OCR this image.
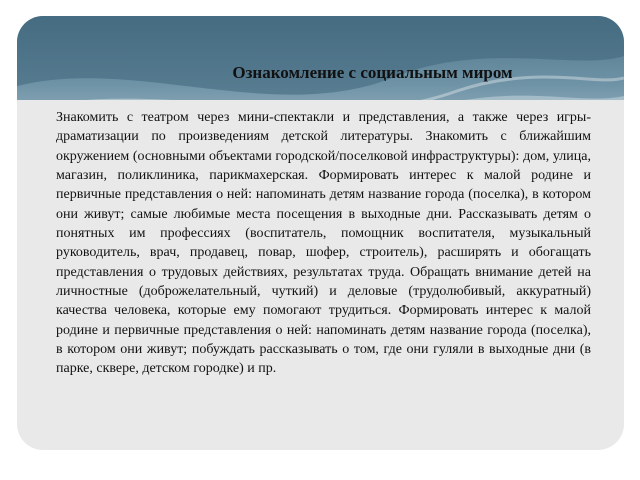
Ознакомление с социальным миром

Знакомить с театром через мини-спектакли и представления, а также через игры-драматизации по произведениям детской литературы. Знакомить с ближайшим окружением (основными объектами городской/поселковой инфраструктуры): дом, улица, магазин, поликлиника, парикмахерская. Формировать интерес к малой родине и первичные представления о ней: напоминать детям название города (поселка), в котором они живут; самые любимые места посещения в выходные дни. Рассказывать детям о понятных им профессиях (воспитатель, помощник воспитателя, музыкальный руководитель, врач, продавец, повар, шофер, строитель), расширять и обогащать представления о трудовых действиях, результатах труда. Обращать внимание детей на личностные (доброжелательный, чуткий) и деловые (трудолюбивый, аккуратный) качества человека, которые ему помогают трудиться. Формировать интерес к малой родине и первичные представления о ней: напоминать детям название города (поселка), в котором они живут; побуждать рассказывать о том, где они гуляли в выходные дни (в парке, сквере, детском городке) и пр.
